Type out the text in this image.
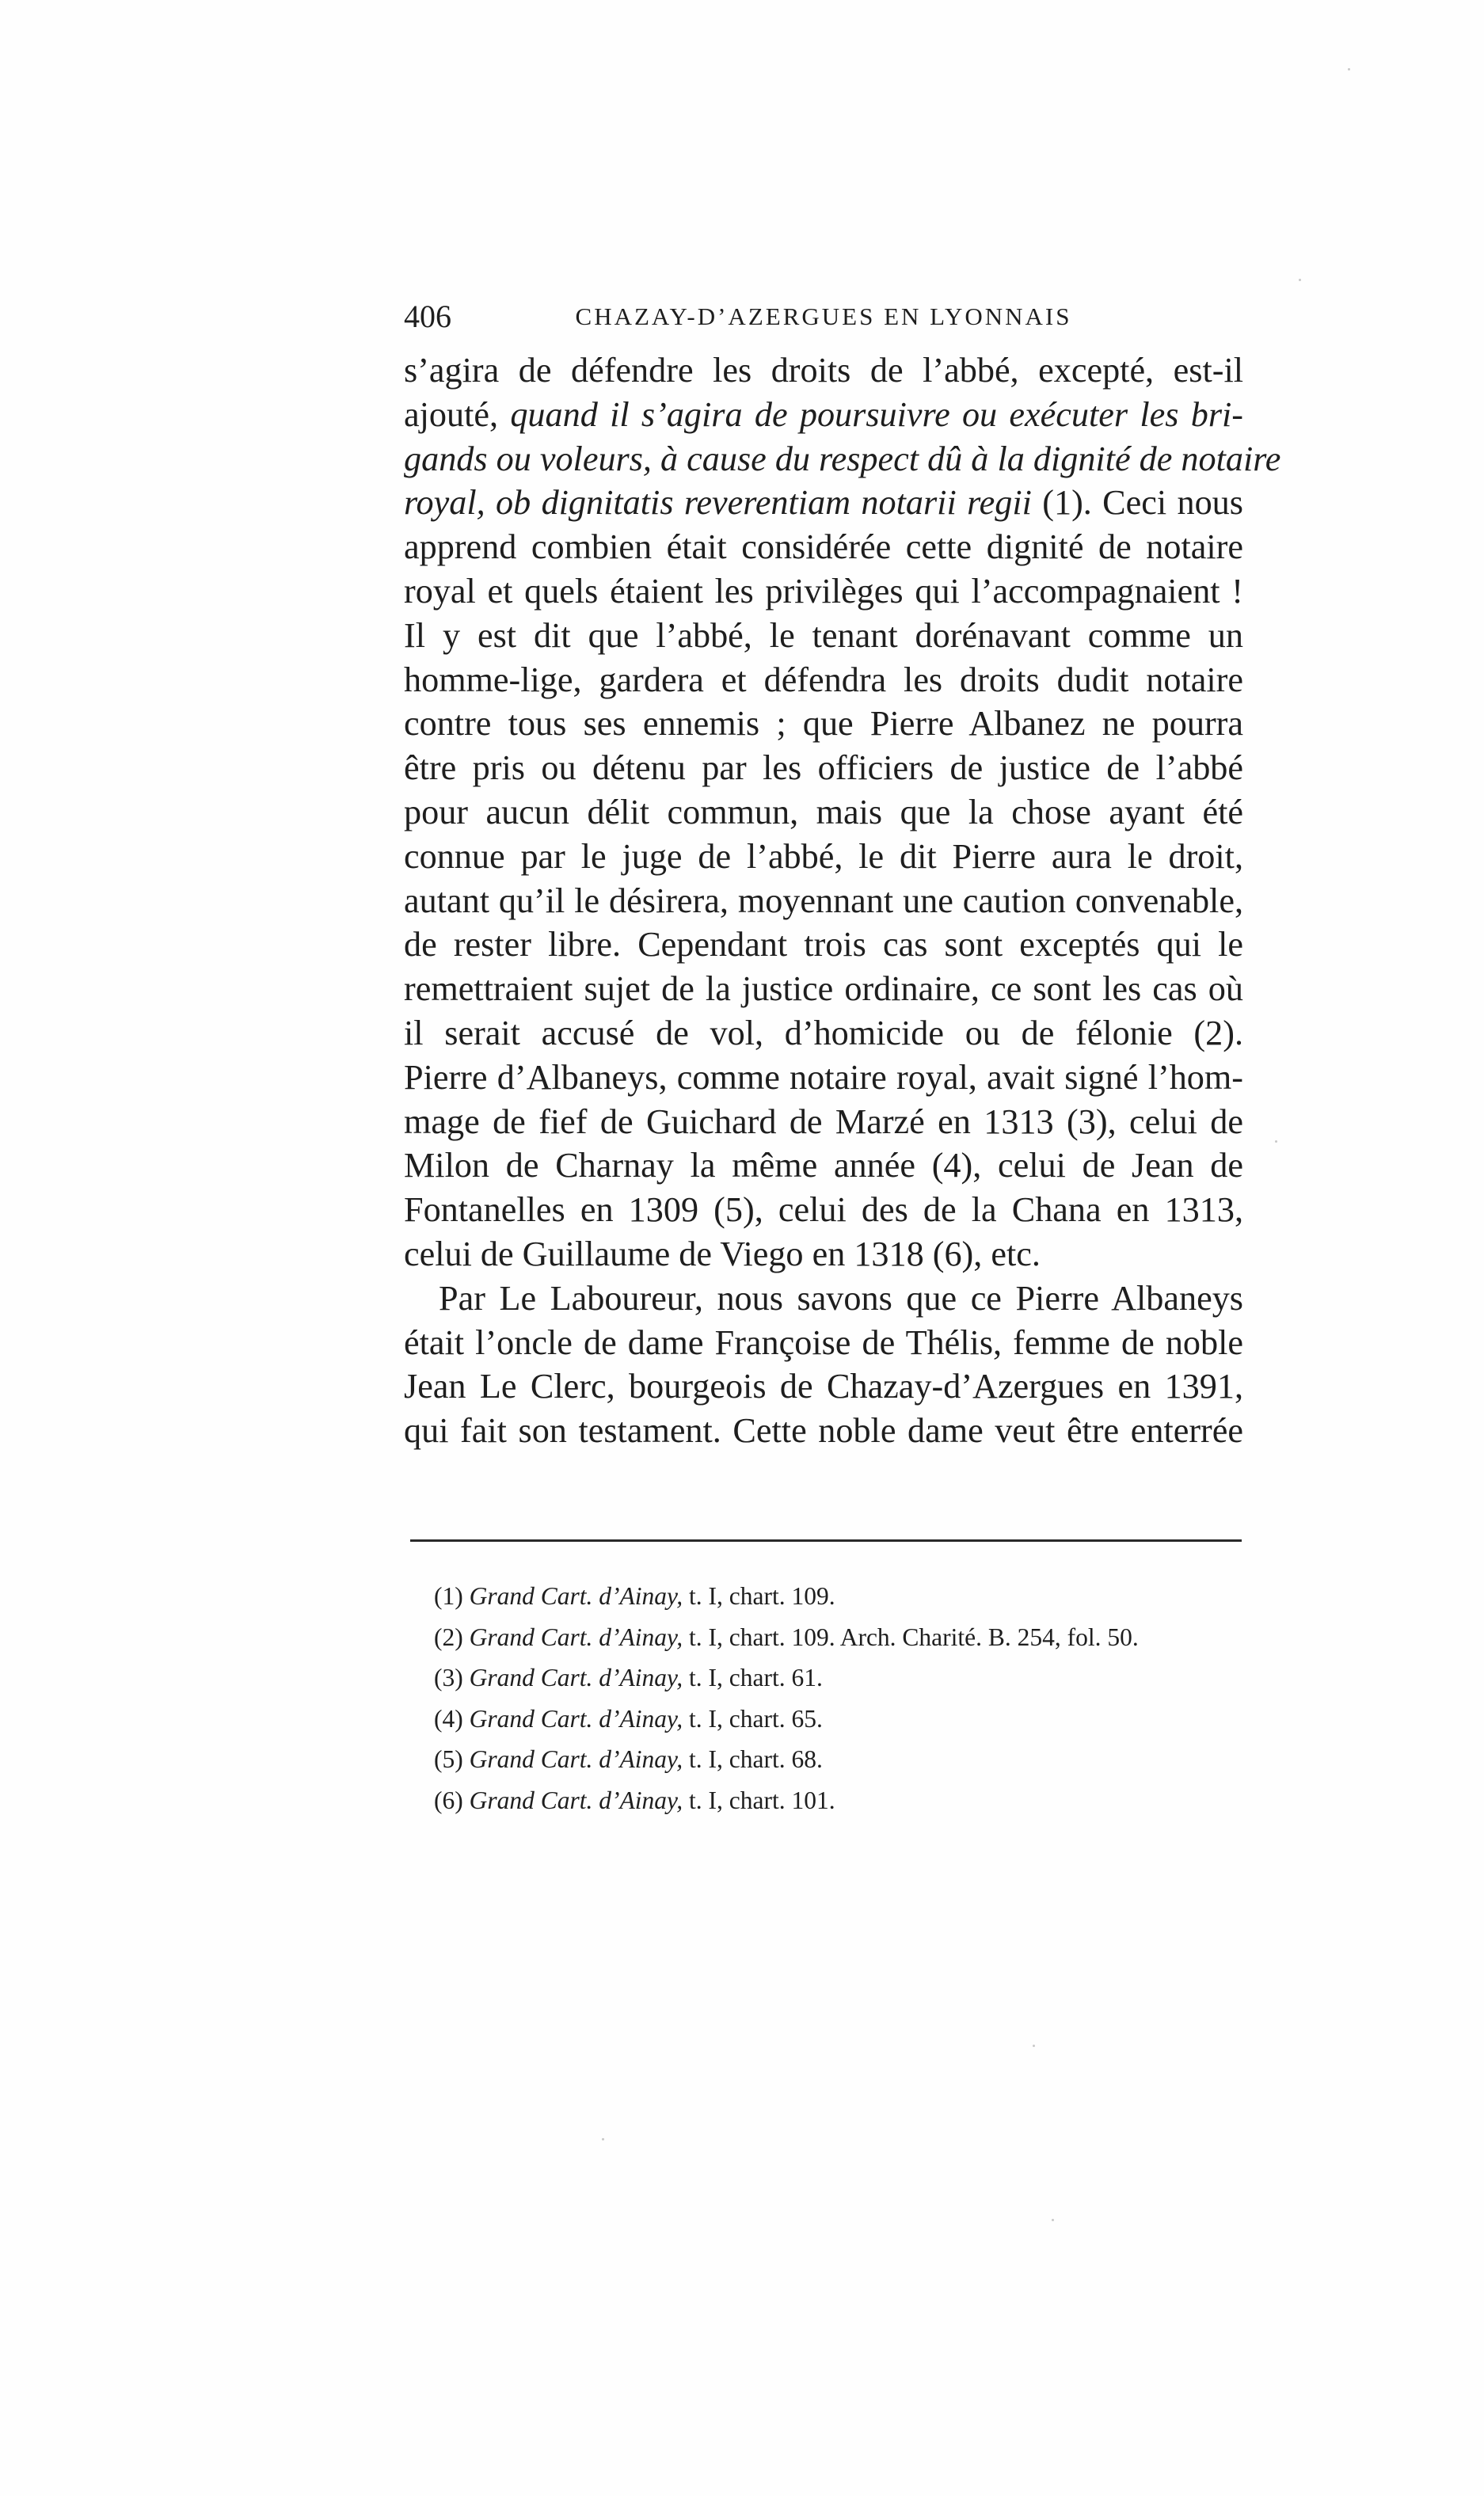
406	CHAZAY-D’AZERGUES EN LYONNAIS
s’agira de défendre les droits de l’abbé, excepté, est-il
ajouté, quand il s’agira de poursuivre ou exécuter les bri-
gands ou voleurs, à cause du respect dû à la dignité de notaire
royal, ob dignitatis reverentiam notarii regii (1). Ceci nous
apprend combien était considérée cette dignité de notaire
royal et quels étaient les privilèges qui l’accompagnaient !
Il y est dit que l’abbé, le tenant dorénavant comme un
homme-lige, gardera et défendra les droits dudit notaire
contre tous ses ennemis ; que Pierre Albanez ne pourra
être pris ou détenu par les officiers de justice de l’abbé
pour aucun délit commun, mais que la chose ayant été
connue par le juge de l’abbé, le dit Pierre aura le droit,
autant qu’il le désirera, moyennant une caution convenable,
de rester libre. Cependant trois cas sont exceptés qui le
remettraient sujet de la justice ordinaire, ce sont les cas où
il serait accusé de vol, d’homicide ou de félonie (2).
Pierre d’Albaneys, comme notaire royal, avait signé l’hom-
mage de fief de Guichard de Marzé en 1313 (3), celui de
Milon de Charnay la même année (4), celui de Jean de
Fontanelles en 1309 (5), celui des de la Chana en 1313,
celui de Guillaume de Viego en 1318 (6), etc.
Par Le Laboureur, nous savons que ce Pierre Albaneys
était l’oncle de dame Françoise de Thélis, femme de noble
Jean Le Clerc, bourgeois de Chazay-d’Azergues en 1391,
qui fait son testament. Cette noble dame veut être enterrée
(1) Grand Cart. d’Ainay, t. I, chart. 109.
(2) Grand Cart. d’Ainay, t. I, chart. 109. Arch. Charité. B. 254, fol. 50.
(3) Grand Cart. d’Ainay, t. I, chart. 61.
(4) Grand Cart. d’Ainay, t. I, chart. 65.
(5) Grand Cart. d’Ainay, t. I, chart. 68.
(6) Grand Cart. d’Ainay, t. I, chart. 101.
